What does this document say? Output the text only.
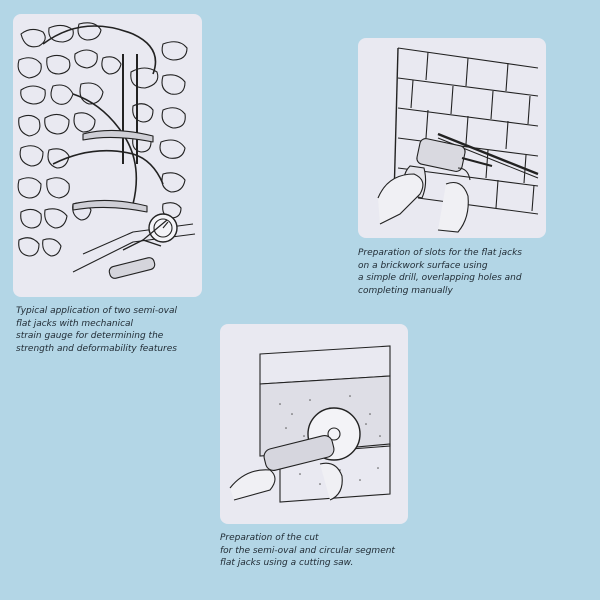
Typical application of two semi-oval
flat jacks with mechanical
strain gauge for determining the
strength and deformability features

Preparation of slots for the flat jacks
on a brickwork surface using
a simple drill, overlapping holes and
completing manually

Preparation of the cut
for the semi-oval and circular segment
flat jacks using a cutting saw.
